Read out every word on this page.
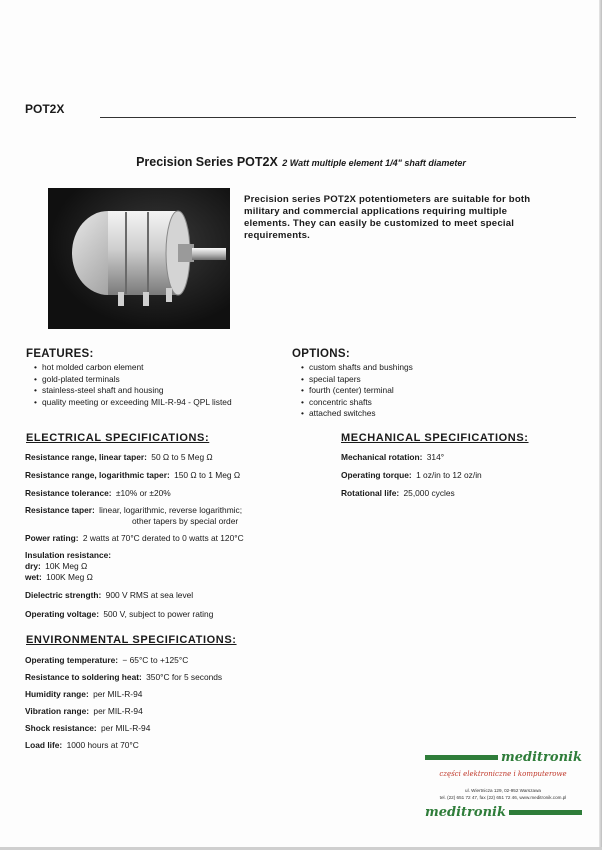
POT2X
Precision Series POT2X 2 Watt multiple element 1/4" shaft diameter
Precision series POT2X potentiometers are suitable for both military and commercial applications requiring multiple elements. They can easily be customized to meet special requirements.
FEATURES:
• hot molded carbon element
• gold-plated terminals
• stainless-steel shaft and housing
• quality meeting or exceeding MIL-R-94 - QPL listed
OPTIONS:
• custom shafts and bushings
• special tapers
• fourth (center) terminal
• concentric shafts
• attached switches
ELECTRICAL SPECIFICATIONS:
Resistance range, linear taper: 50 Ω to 5 Meg Ω
Resistance range, logarithmic taper: 150 Ω to 1 Meg Ω
Resistance tolerance: ±10% or ±20%
Resistance taper: linear, logarithmic, reverse logarithmic;
other tapers by special order
Power rating: 2 watts at 70°C derated to 0 watts at 120°C
Insulation resistance:
dry: 10K Meg Ω
wet: 100K Meg Ω
Dielectric strength: 900 V RMS at sea level
Operating voltage: 500 V, subject to power rating
MECHANICAL SPECIFICATIONS:
Mechanical rotation: 314°
Operating torque: 1 oz/in to 12 oz/in
Rotational life: 25,000 cycles
ENVIRONMENTAL SPECIFICATIONS:
Operating temperature: − 65°C to +125°C
Resistance to soldering heat: 350°C for 5 seconds
Humidity range: per MIL-R-94
Vibration range: per MIL-R-94
Shock resistance: per MIL-R-94
Load life: 1000 hours at 70°C
meditronik
części elektroniczne i komputerowe
ul. Wiertnicza 129, 02-952 Warszawa
tel. (22) 651 72 47, fax (22) 651 72 46, www.meditronik.com.pl
meditronik
